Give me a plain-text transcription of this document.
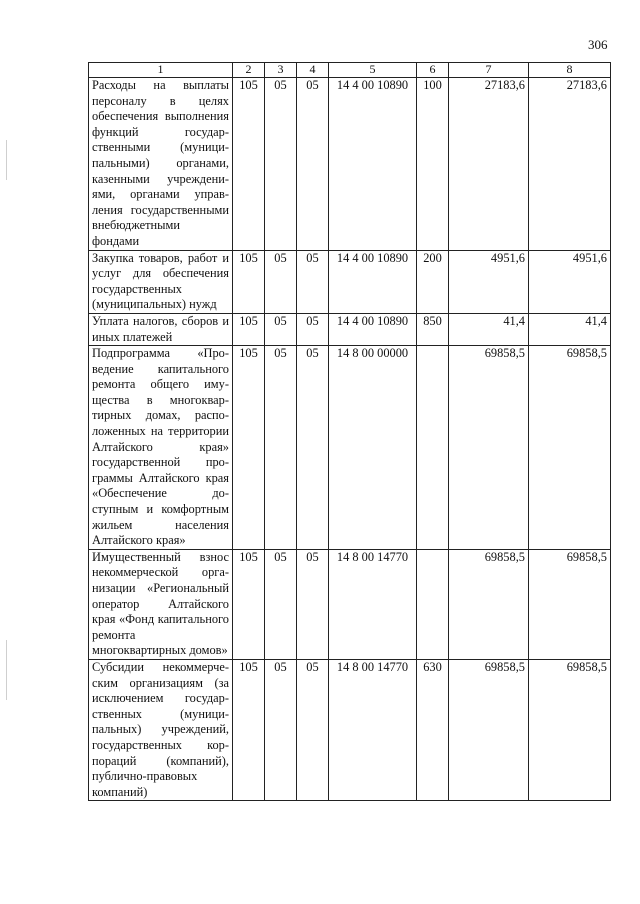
306
1	2	3	4	5	6	7	8
Расходы на выплаты персоналу в целях обеспечения выполнения функций государственными (муниципальными) органами, казенными учреждениями, органами управления государственными внебюджетными фондами	105	05	05	14 4 00 10890	100	27183,6	27183,6
Закупка товаров, работ и услуг для обеспечения государственных (муниципальных) нужд	105	05	05	14 4 00 10890	200	4951,6	4951,6
Уплата налогов, сборов и иных платежей	105	05	05	14 4 00 10890	850	41,4	41,4
Подпрограмма «Проведение капитального ремонта общего имущества в многоквартирных домах, расположенных на территории Алтайского края» государственной программы Алтайского края «Обеспечение доступным и комфортным жильем населения Алтайского края»	105	05	05	14 8 00 00000		69858,5	69858,5
Имущественный взнос некоммерческой организации «Региональный оператор Алтайского края «Фонд капитального ремонта многоквартирных домов»	105	05	05	14 8 00 14770		69858,5	69858,5
Субсидии некоммерческим организациям (за исключением государственных (муниципальных) учреждений, государственных корпораций (компаний), публично-правовых компаний)	105	05	05	14 8 00 14770	630	69858,5	69858,5
